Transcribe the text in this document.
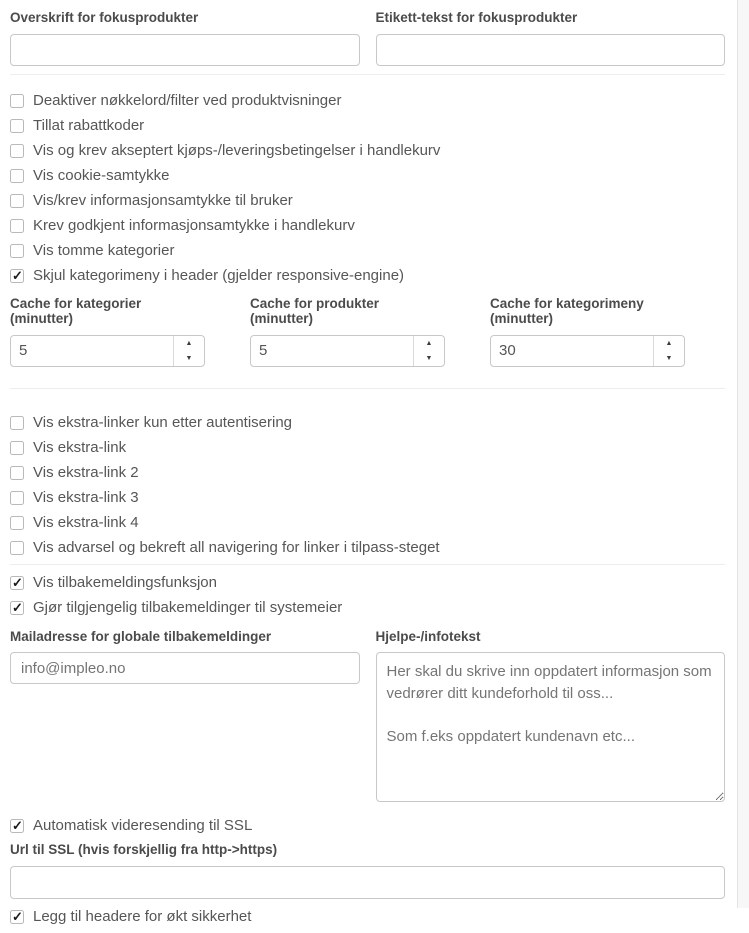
Overskrift for fokusprodukter	Etikett-tekst for fokusprodukter
Deaktiver nøkkelord/filter ved produktvisninger
Tillat rabattkoder
Vis og krev akseptert kjøps-/leveringsbetingelser i handlekurv
Vis cookie-samtykke
Vis/krev informasjonsamtykke til bruker
Krev godkjent informasjonsamtykke i handlekurv
Vis tomme kategorier
Skjul kategorimeny i header (gjelder responsive-engine)
Cache for kategorier (minutter)
5
▲
▼
Cache for produkter (minutter)
5
▲
▼
Cache for kategorimeny (minutter)
30
▲
▼
Vis ekstra-linker kun etter autentisering
Vis ekstra-link
Vis ekstra-link 2
Vis ekstra-link 3
Vis ekstra-link 4
Vis advarsel og bekreft all navigering for linker i tilpass-steget
Vis tilbakemeldingsfunksjon
Gjør tilgjengelig tilbakemeldinger til systemeier
Mailadresse for globale tilbakemeldinger
info@impleo.no	Hjelpe-/infotekst
Her skal du skrive inn oppdatert informasjon som vedrører ditt kundeforhold til oss... Som f.eks oppdatert kundenavn etc...
Automatisk videresending til SSL
Url til SSL (hvis forskjellig fra http->https)
Legg til headere for økt sikkerhet
